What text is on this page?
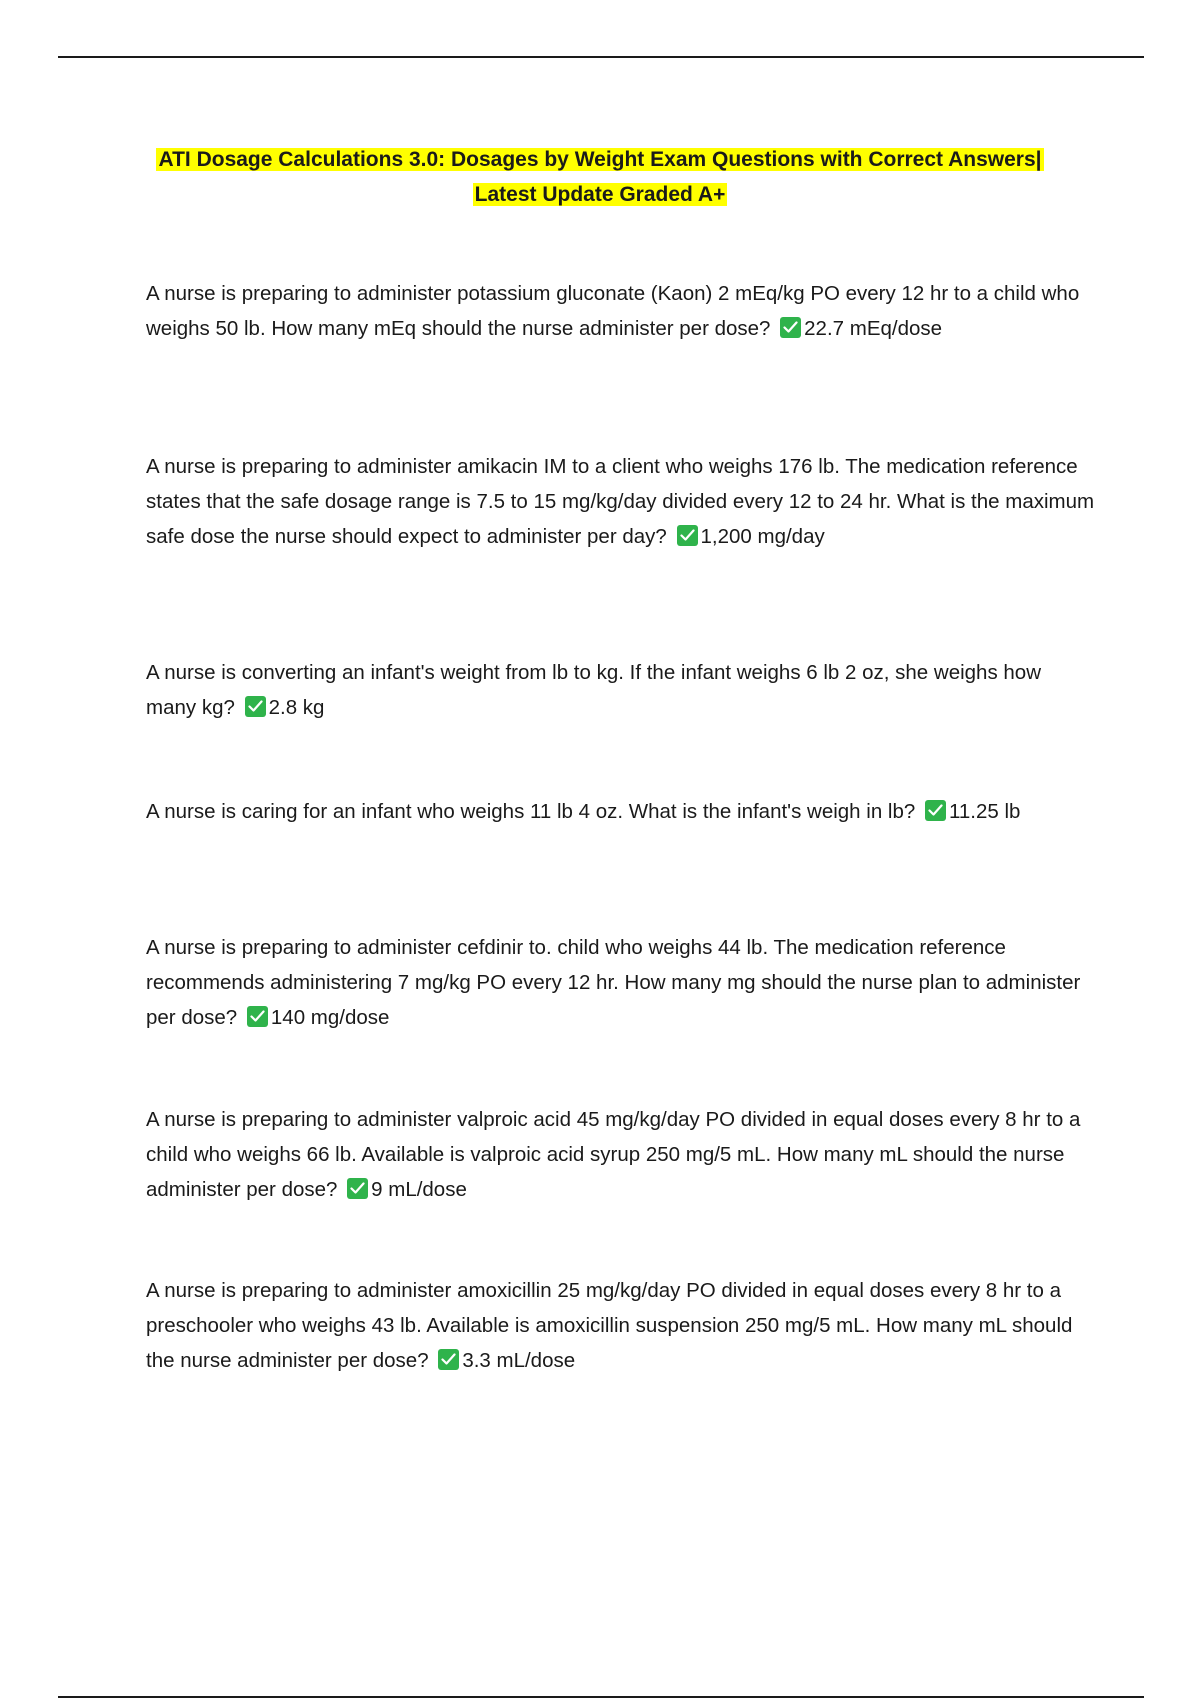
ATI Dosage Calculations 3.0: Dosages by Weight Exam Questions with Correct Answers|
Latest Update Graded A+
A nurse is preparing to administer potassium gluconate (Kaon) 2 mEq/kg PO every 12 hr to a child who weighs 50 lb. How many mEq should the nurse administer per dose? 22.7 mEq/dose
A nurse is preparing to administer amikacin IM to a client who weighs 176 lb. The medication reference states that the safe dosage range is 7.5 to 15 mg/kg/day divided every 12 to 24 hr. What is the maximum safe dose the nurse should expect to administer per day? 1,200 mg/day
A nurse is converting an infant's weight from lb to kg. If the infant weighs 6 lb 2 oz, she weighs how many kg? 2.8 kg
A nurse is caring for an infant who weighs 11 lb 4 oz. What is the infant's weigh in lb? 11.25 lb
A nurse is preparing to administer cefdinir to. child who weighs 44 lb. The medication reference recommends administering 7 mg/kg PO every 12 hr. How many mg should the nurse plan to administer per dose? 140 mg/dose
A nurse is preparing to administer valproic acid 45 mg/kg/day PO divided in equal doses every 8 hr to a child who weighs 66 lb. Available is valproic acid syrup 250 mg/5 mL. How many mL should the nurse administer per dose? 9 mL/dose
A nurse is preparing to administer amoxicillin 25 mg/kg/day PO divided in equal doses every 8 hr to a preschooler who weighs 43 lb. Available is amoxicillin suspension 250 mg/5 mL. How many mL should the nurse administer per dose? 3.3 mL/dose
